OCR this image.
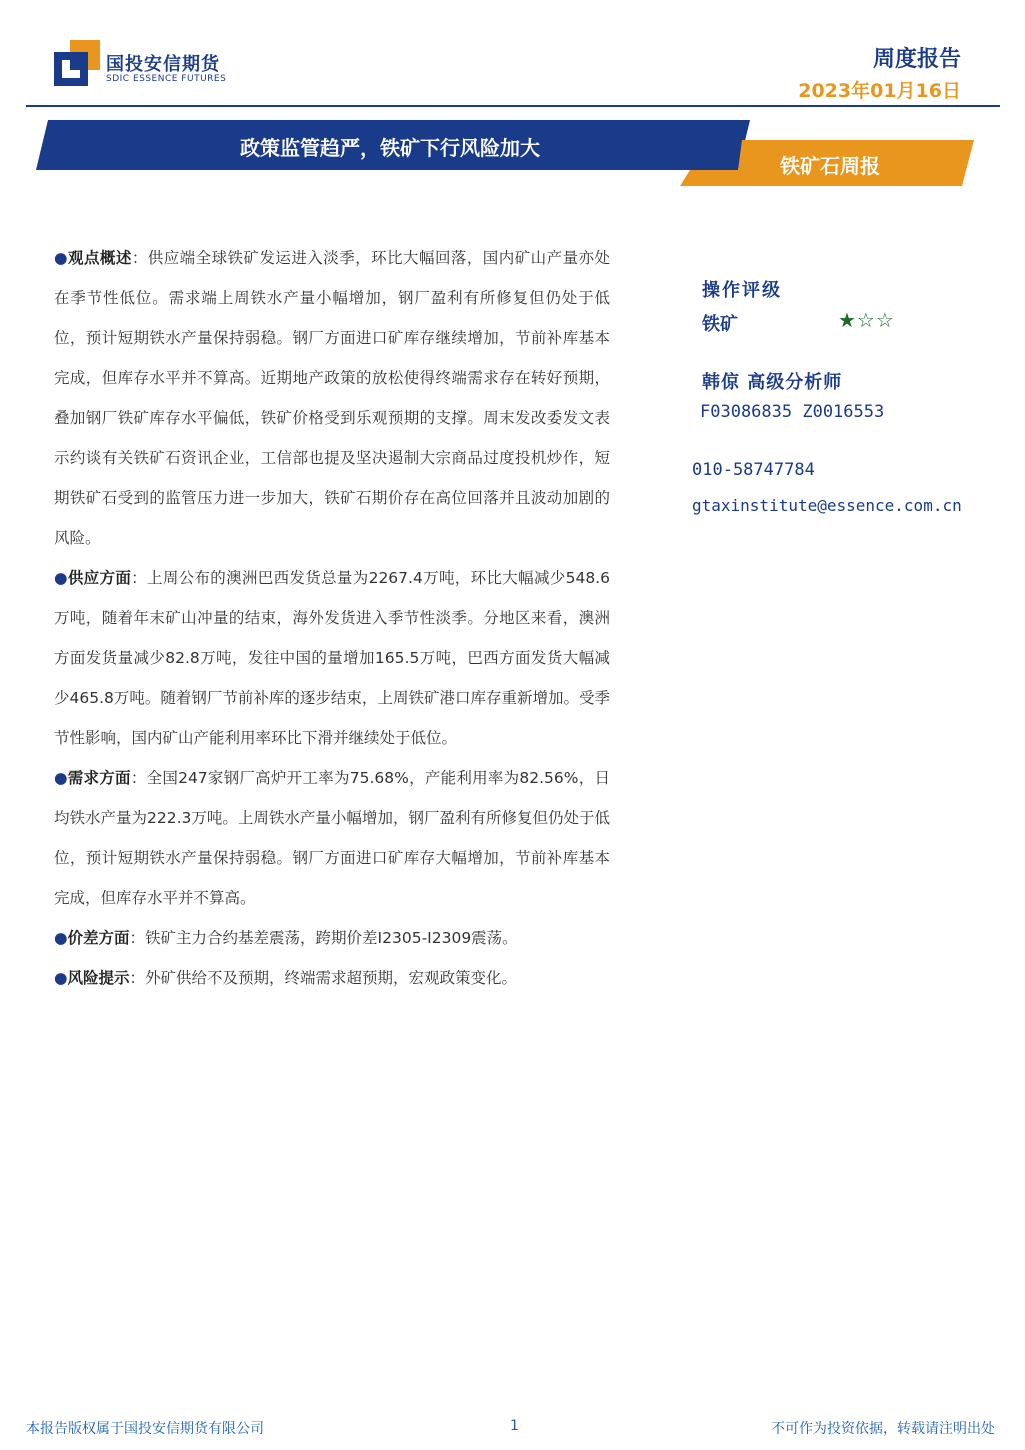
国投安信期货
SDIC ESSENCE FUTURES
周度报告
2023年01月16日
政策监管趋严，铁矿下行风险加大
铁矿石周报

●观点概述：供应端全球铁矿发运进入淡季，环比大幅回落，国内矿山产量亦处在季节性低位。需求端上周铁水产量小幅增加，钢厂盈利有所修复但仍处于低位，预计短期铁水产量保持弱稳。钢厂方面进口矿库存继续增加，节前补库基本完成，但库存水平并不算高。近期地产政策的放松使得终端需求存在转好预期，叠加钢厂铁矿库存水平偏低，铁矿价格受到乐观预期的支撑。周末发改委发文表示约谈有关铁矿石资讯企业，工信部也提及坚决遏制大宗商品过度投机炒作，短期铁矿石受到的监管压力进一步加大，铁矿石期价存在高位回落并且波动加剧的风险。

●供应方面：上周公布的澳洲巴西发货总量为2267.4万吨，环比大幅减少548.6万吨，随着年末矿山冲量的结束，海外发货进入季节性淡季。分地区来看，澳洲方面发货量减少82.8万吨，发往中国的量增加165.5万吨，巴西方面发货大幅减少465.8万吨。随着钢厂节前补库的逐步结束，上周铁矿港口库存重新增加。受季节性影响，国内矿山产能利用率环比下滑并继续处于低位。

●需求方面：全国247家钢厂高炉开工率为75.68%，产能利用率为82.56%，日均铁水产量为222.3万吨。上周铁水产量小幅增加，钢厂盈利有所修复但仍处于低位，预计短期铁水产量保持弱稳。钢厂方面进口矿库存大幅增加，节前补库基本完成，但库存水平并不算高。

●价差方面：铁矿主力合约基差震荡，跨期价差I2305-I2309震荡。

●风险提示：外矿供给不及预期，终端需求超预期，宏观政策变化。

操作评级
铁矿	★☆☆
韩倞 高级分析师
F03086835 Z0016553
010-58747784
gtaxinstitute@essence.com.cn
本报告版权属于国投安信期货有限公司	1	不可作为投资依据，转载请注明出处
